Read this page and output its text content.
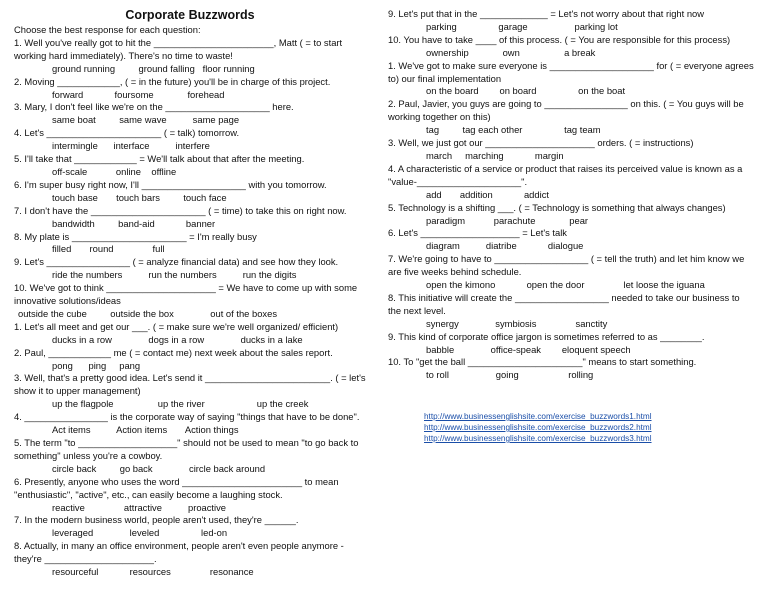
Corporate Buzzwords
Choose the best response for each question:
1. Well you've really got to hit the _______________________, Matt ( = to start working hard immediately). There's no time to waste!
ground running         ground falling   floor running
2. Moving ____________, ( = in the future) you'll be in charge of this project.
forward            foursome             forehead
3. Mary, I don't feel like we're on the ____________________ here.
same boat         same wave          same page
4. Let's ______________________ ( = talk) tomorrow.
intermingle      interface          interfere
5. I'll take that ____________ = We'll talk about that after the meeting.
off-scale           online    offline
6. I'm super busy right now, I'll ____________________ with you tomorrow.
touch base       touch bars         touch face
7. I don't have the ______________________ ( = time) to take this on right now.
bandwidth         band-aid            banner
8. My plate is ______________________ = I'm really busy
filled       round               full
9. Let's ________________ ( = analyze financial data) and see how they look.
ride the numbers          run the numbers          run the digits
10. We've got to think _____________________ = We have to come up with some innovative solutions/ideas
outside the cube         outside the box              out of the boxes
1. Let's all meet and get our ___. ( = make sure we're well organized/ efficient)
ducks in a row              dogs in a row              ducks in a lake
2. Paul, ____________ me ( = contact me) next week about the sales report.
pong      ping     pang
3. Well, that's a pretty good idea. Let's send it ________________________. ( = let's show it to upper management)
up the flagpole                 up the river                    up the creek
4. ________________ is the corporate way of saying "things that have to be done".
Act items          Action items       Action things
5. The term "to ___________________" should not be used to mean "to go back to something" unless you're a cowboy.
circle back         go back              circle back around
6. Presently, anyone who uses the word _______________________ to mean "enthusiastic", "active", etc., can easily become a laughing stock.
reactive               attractive          proactive
7. In the modern business world, people aren't used, they're ______.
leveraged              leveled                led-on
8. Actually, in many an office environment, people aren't even people anymore - they're _____________________.
resourceful            resources               resonance
9. Let's put that in the _____________ = Let's not worry about that right now
parking                garage                  parking lot
10. You have to take ____ of this process. ( = You are responsible for this process)
ownership             own                 a break
1. We've got to make sure everyone is ____________________ for ( = everyone agrees to) our final implementation
on the board        on board                on the boat
2. Paul, Javier, you guys are going to ________________ on this. ( = You guys will be working together on this)
tag         tag each other                tag team
3. Well, we just got our _____________________ orders. ( = instructions)
march     marching            margin
4. A characteristic of a service or product that raises its perceived value is known as a "value-____________________".
add       addition            addict
5. Technology is a shifting ___. ( = Technology is something that always changes)
paradigm           parachute             pear
6. Let's ___________________ = Let's talk
diagram          diatribe            dialogue
7. We're going to have to __________________ ( = tell the truth) and let him know we are five weeks behind schedule.
open the kimono            open the door               let loose the iguana
8. This initiative will create the __________________ needed to take our business to the next level.
synergy              symbiosis               sanctity
9. This kind of corporate office jargon is sometimes referred to as ________.
babble              office-speak        eloquent speech
10. To "get the ball ______________________" means to start something.
to roll                  going                   rolling
http://www.businessenglishsite.com/exercise_buzzwords1.html
http://www.businessenglishsite.com/exercise_buzzwords2.html
http://www.businessenglishsite.com/exercise_buzzwords3.html
